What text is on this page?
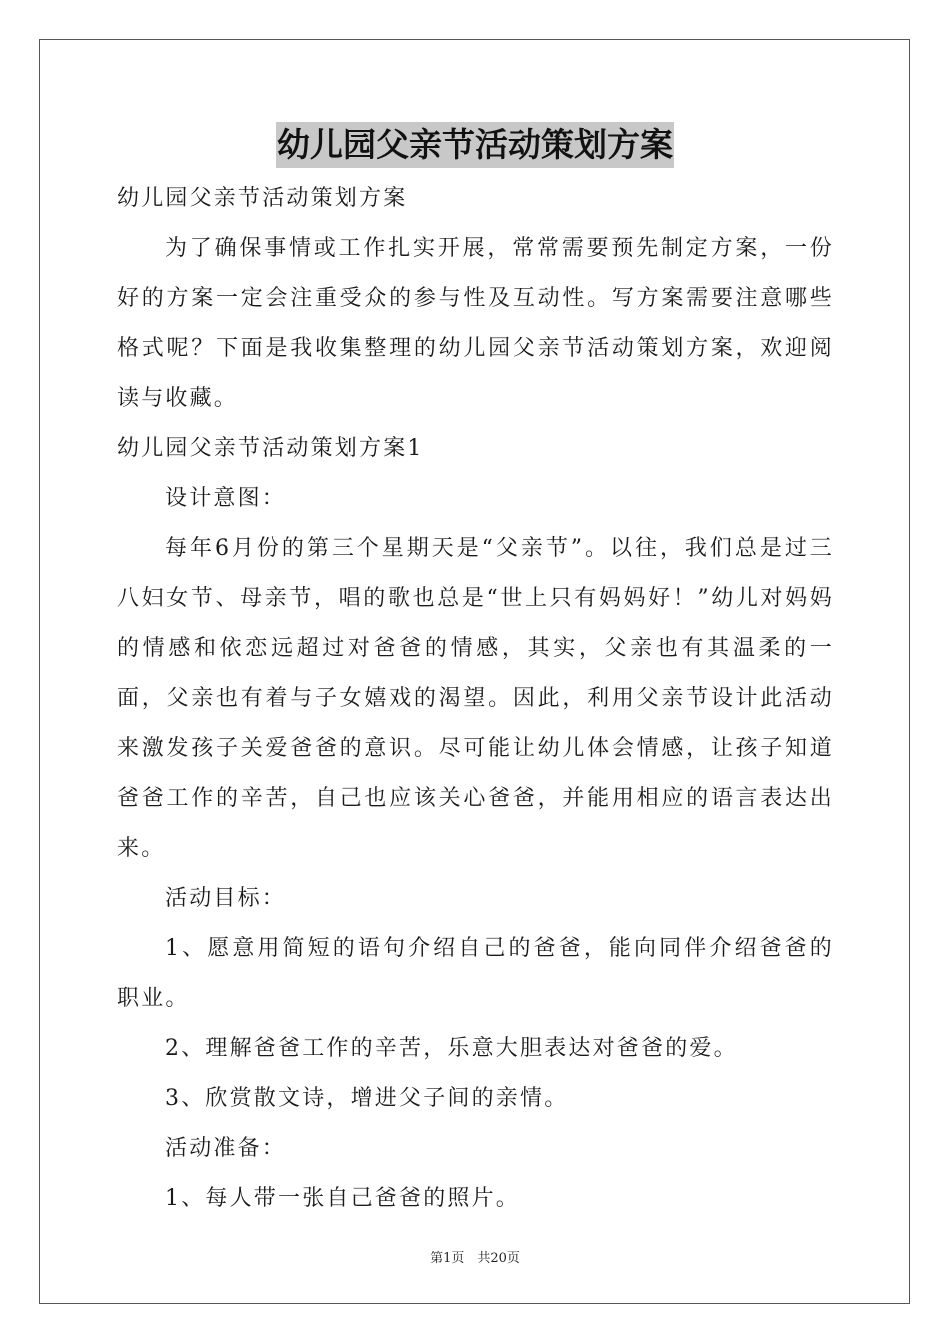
幼儿园父亲节活动策划方案

幼儿园父亲节活动策划方案

为了确保事情或工作扎实开展，常常需要预先制定方案，一份好的方案一定会注重受众的参与性及互动性。写方案需要注意哪些格式呢？下面是我收集整理的幼儿园父亲节活动策划方案，欢迎阅读与收藏。

幼儿园父亲节活动策划方案1

设计意图：

每年6月份的第三个星期天是“父亲节”。以往，我们总是过三八妇女节、母亲节，唱的歌也总是“世上只有妈妈好！”幼儿对妈妈的情感和依恋远超过对爸爸的情感，其实，父亲也有其温柔的一面，父亲也有着与子女嬉戏的渴望。因此，利用父亲节设计此活动来激发孩子关爱爸爸的意识。尽可能让幼儿体会情感，让孩子知道爸爸工作的辛苦，自己也应该关心爸爸，并能用相应的语言表达出来。

活动目标：

1、愿意用简短的语句介绍自己的爸爸，能向同伴介绍爸爸的职业。

2、理解爸爸工作的辛苦，乐意大胆表达对爸爸的爱。

3、欣赏散文诗，增进父子间的亲情。

活动准备：

1、每人带一张自己爸爸的照片。

第1页　共20页
